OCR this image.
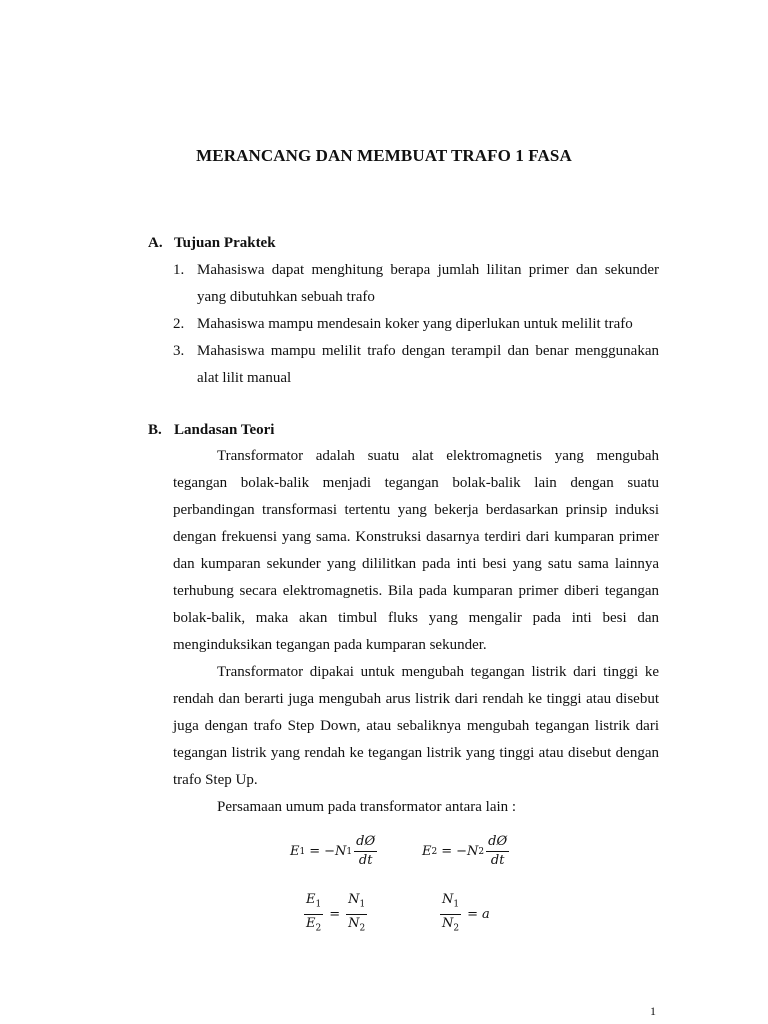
MERANCANG DAN MEMBUAT TRAFO 1 FASA
A. Tujuan Praktek
1. Mahasiswa dapat menghitung berapa jumlah lilitan primer dan sekunder yang dibutuhkan sebuah trafo
2. Mahasiswa mampu mendesain koker yang diperlukan untuk melilit trafo
3. Mahasiswa mampu melilit trafo dengan terampil dan benar menggunakan alat lilit manual
B. Landasan Teori

Transformator adalah suatu alat elektromagnetis yang mengubah tegangan bolak-balik menjadi tegangan bolak-balik lain dengan suatu perbandingan transformasi tertentu yang bekerja berdasarkan prinsip induksi dengan frekuensi yang sama. Konstruksi dasarnya terdiri dari kumparan primer dan kumparan sekunder yang dililitkan pada inti besi yang satu sama lainnya terhubung secara elektromagnetis. Bila pada kumparan primer diberi tegangan bolak-balik, maka akan timbul fluks yang mengalir pada inti besi dan menginduksikan tegangan pada kumparan sekunder.

Transformator dipakai untuk mengubah tegangan listrik dari tinggi ke rendah dan berarti juga mengubah arus listrik dari rendah ke tinggi atau disebut juga dengan trafo Step Down, atau sebaliknya mengubah tegangan listrik dari tegangan listrik yang rendah ke tegangan listrik yang tinggi atau disebut dengan trafo Step Up.

Persamaan umum pada transformator antara lain :

E 1 = − N $1 \frac{dØ}{dt}$	E 2 = − N $2 \frac{dØ}{dt}$
$\frac{E_1}{E_2} = \frac{N_1}{N_2}$	$\frac{N_1}{N_2} = a$
1
